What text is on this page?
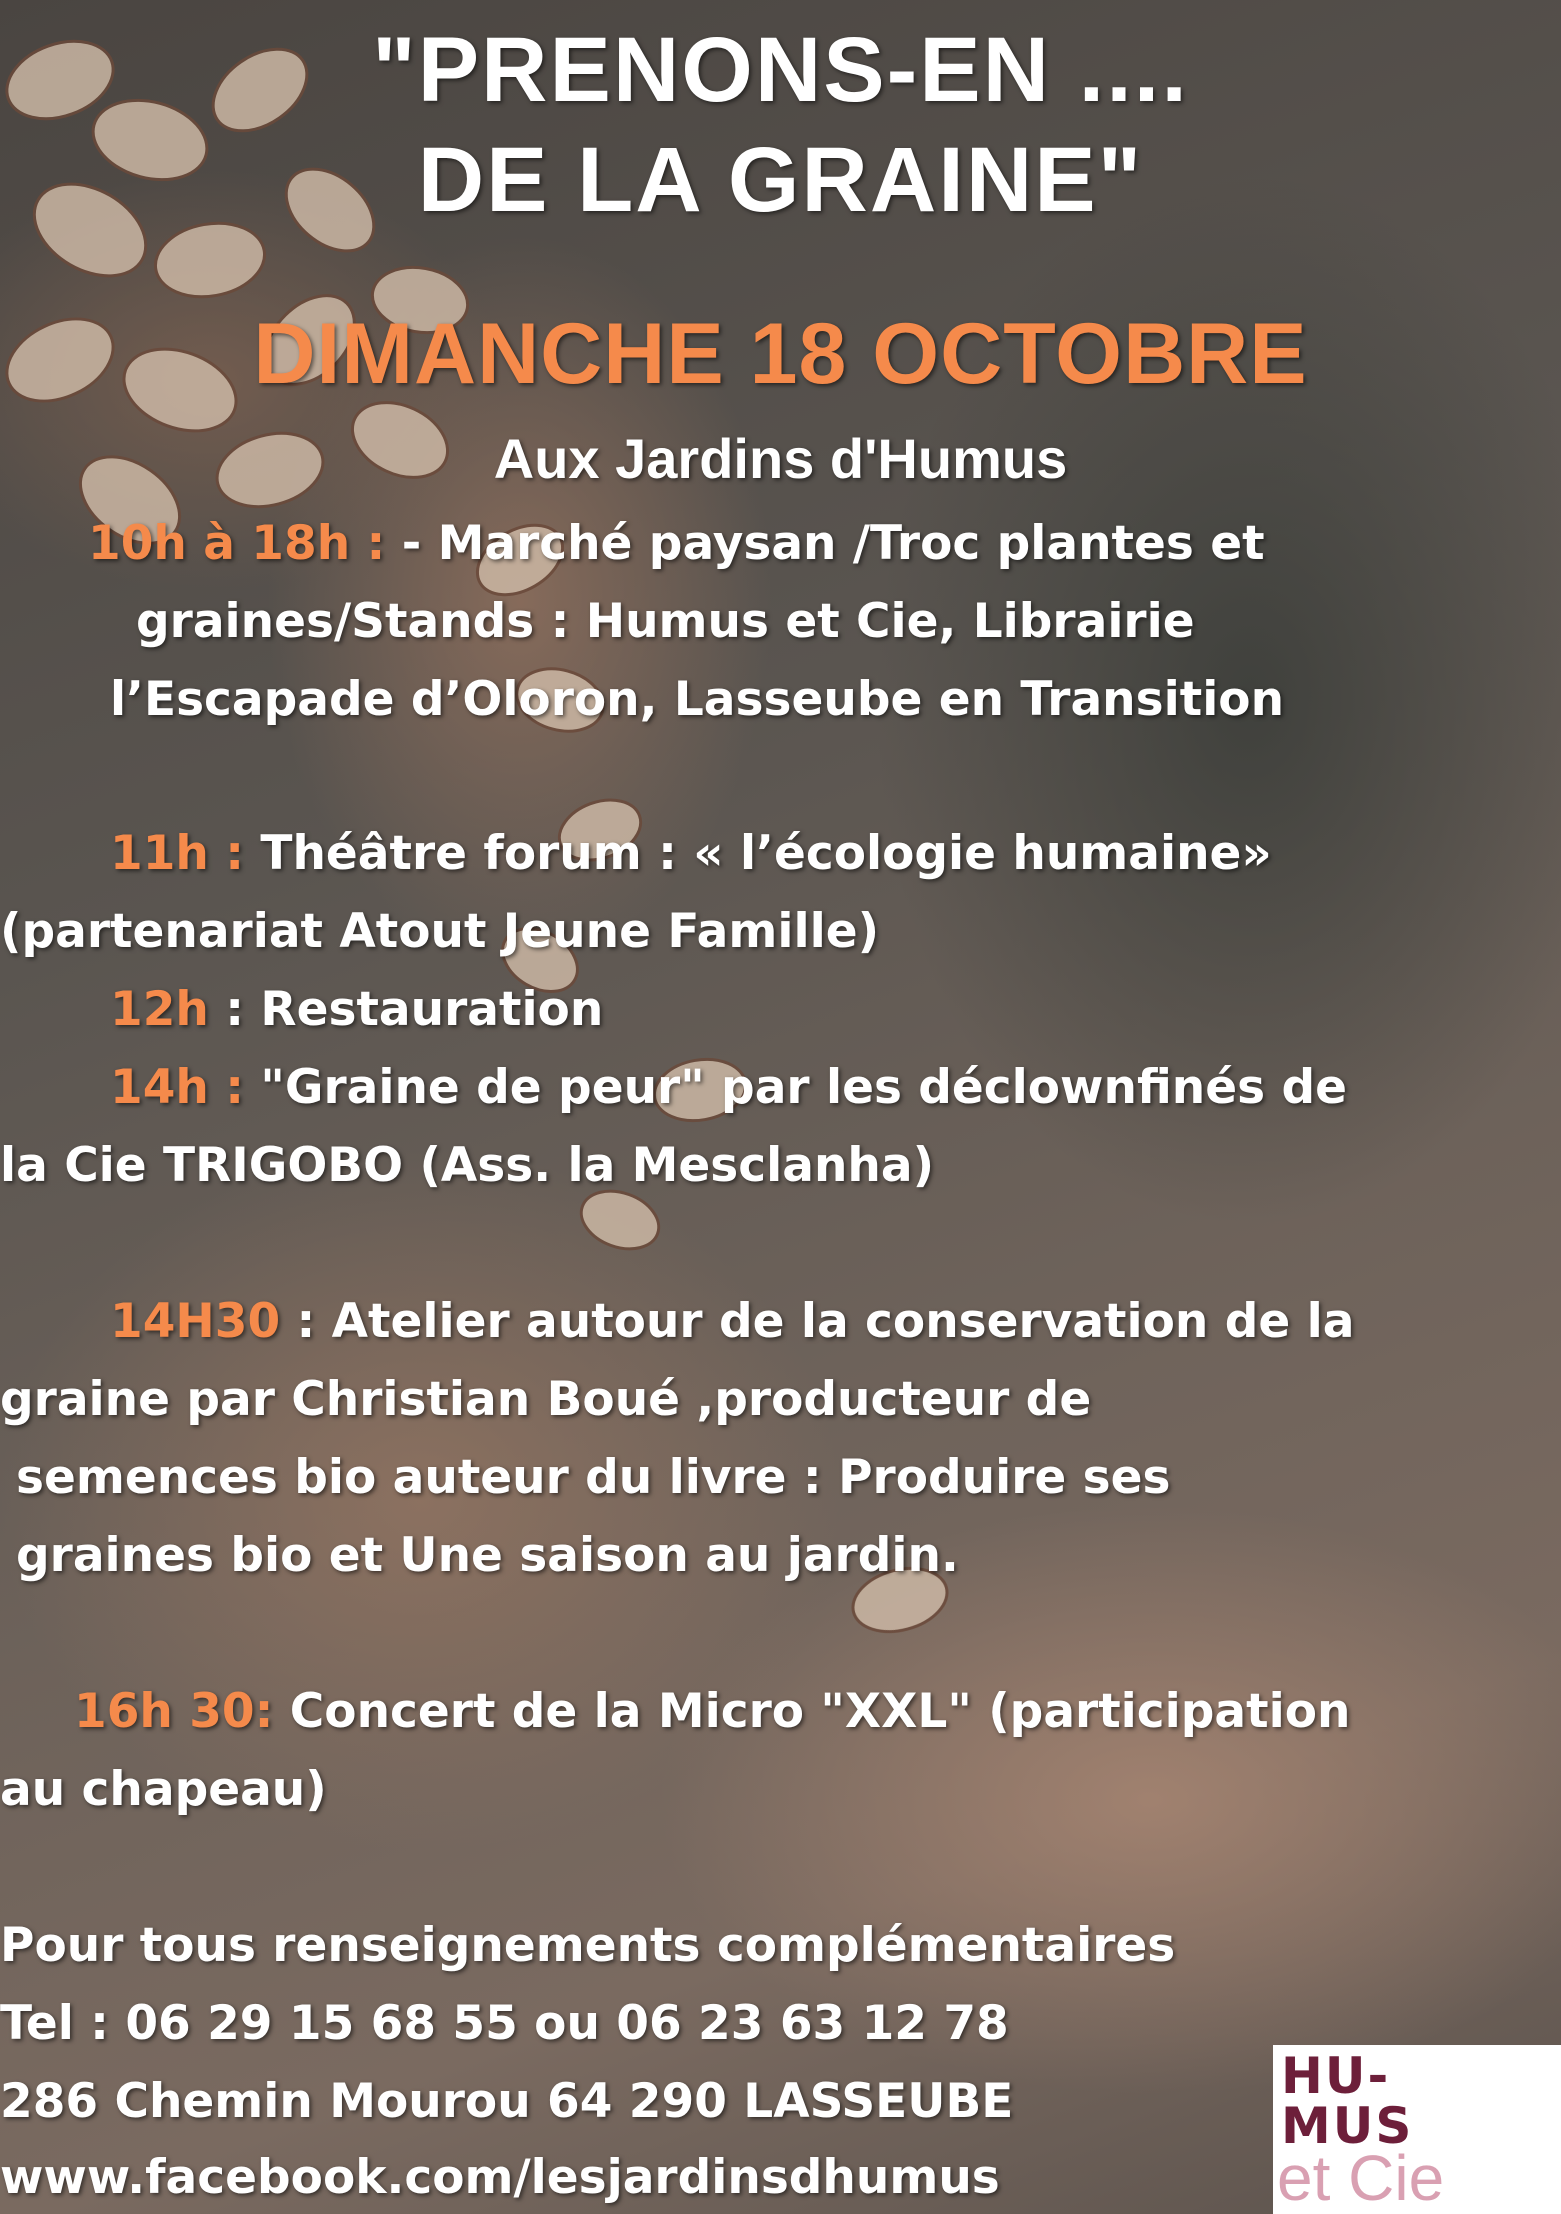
"PRENONS-EN ....
DE LA GRAINE"
DIMANCHE 18 OCTOBRE
Aux Jardins d'Humus
10h à 18h : - Marché paysan /Troc plantes et
graines/Stands : Humus et Cie, Librairie
l’Escapade d’Oloron, Lasseube en Transition
11h : Théâtre forum : « l’écologie humaine»
(partenariat Atout Jeune Famille)
12h : Restauration
14h : "Graine de peur" par les déclownfinés de
la Cie TRIGOBO (Ass. la Mesclanha)
14H30 : Atelier autour de la conservation de la
graine par Christian Boué ,producteur de
semences bio auteur du livre : Produire ses
graines bio et Une saison au jardin.
16h 30: Concert de la Micro "XXL" (participation
au chapeau)
Pour tous renseignements complémentaires
Tel : 06 29 15 68 55 ou 06 23 63 12 78
286 Chemin Mourou 64 290 LASSEUBE
www.facebook.com/lesjardinsdhumus
HU-
MUS
et Cie
